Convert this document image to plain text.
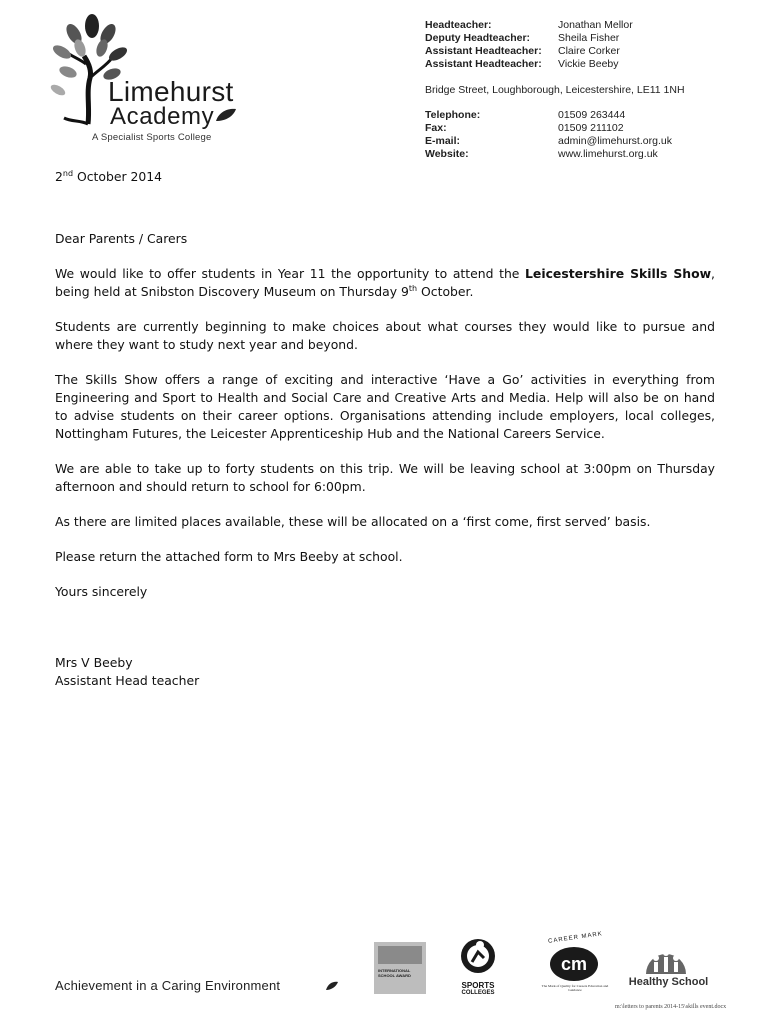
Limehurst
Academy
A Specialist Sports College
Headteacher:	Jonathan Mellor
Deputy Headteacher:	Sheila Fisher
Assistant Headteacher: Claire Corker
Assistant Headteacher: Vickie Beeby
Bridge Street, Loughborough, Leicestershire, LE11 1NH
Telephone:	01509 263444
Fax:	01509 211102
E-mail:	admin@limehurst.org.uk
Website:	www.limehurst.org.uk

2nd October 2014

Dear Parents / Carers

We would like to offer students in Year 11 the opportunity to attend the Leicestershire Skills Show, being held at Snibston Discovery Museum on Thursday 9th October.

Students are currently beginning to make choices about what courses they would like to pursue and where they want to study next year and beyond.

The Skills Show offers a range of exciting and interactive ‘Have a Go’ activities in everything from Engineering and Sport to Health and Social Care and Creative Arts and Media. Help will also be on hand to advise students on their career options. Organisations attending include employers, local colleges, Nottingham Futures, the Leicester Apprenticeship Hub and the National Careers Service.

We are able to take up to forty students on this trip. We will be leaving school at 3:00pm on Thursday afternoon and should return to school for 6:00pm.

As there are limited places available, these will be allocated on a ‘first come, first served’ basis.

Please return the attached form to Mrs Beeby at school.

Yours sincerely

Mrs V Beeby

Assistant Head teacher

Achievement in a Caring Environment
INTERNATIONAL SCHOOL AWARD
SPORTS
COLLEGES
CAREER MARK
cm
The Mark of Quality for Careers Education and Guidance
Healthy School
m:\letters to parents 2014-15\skills event.docx
